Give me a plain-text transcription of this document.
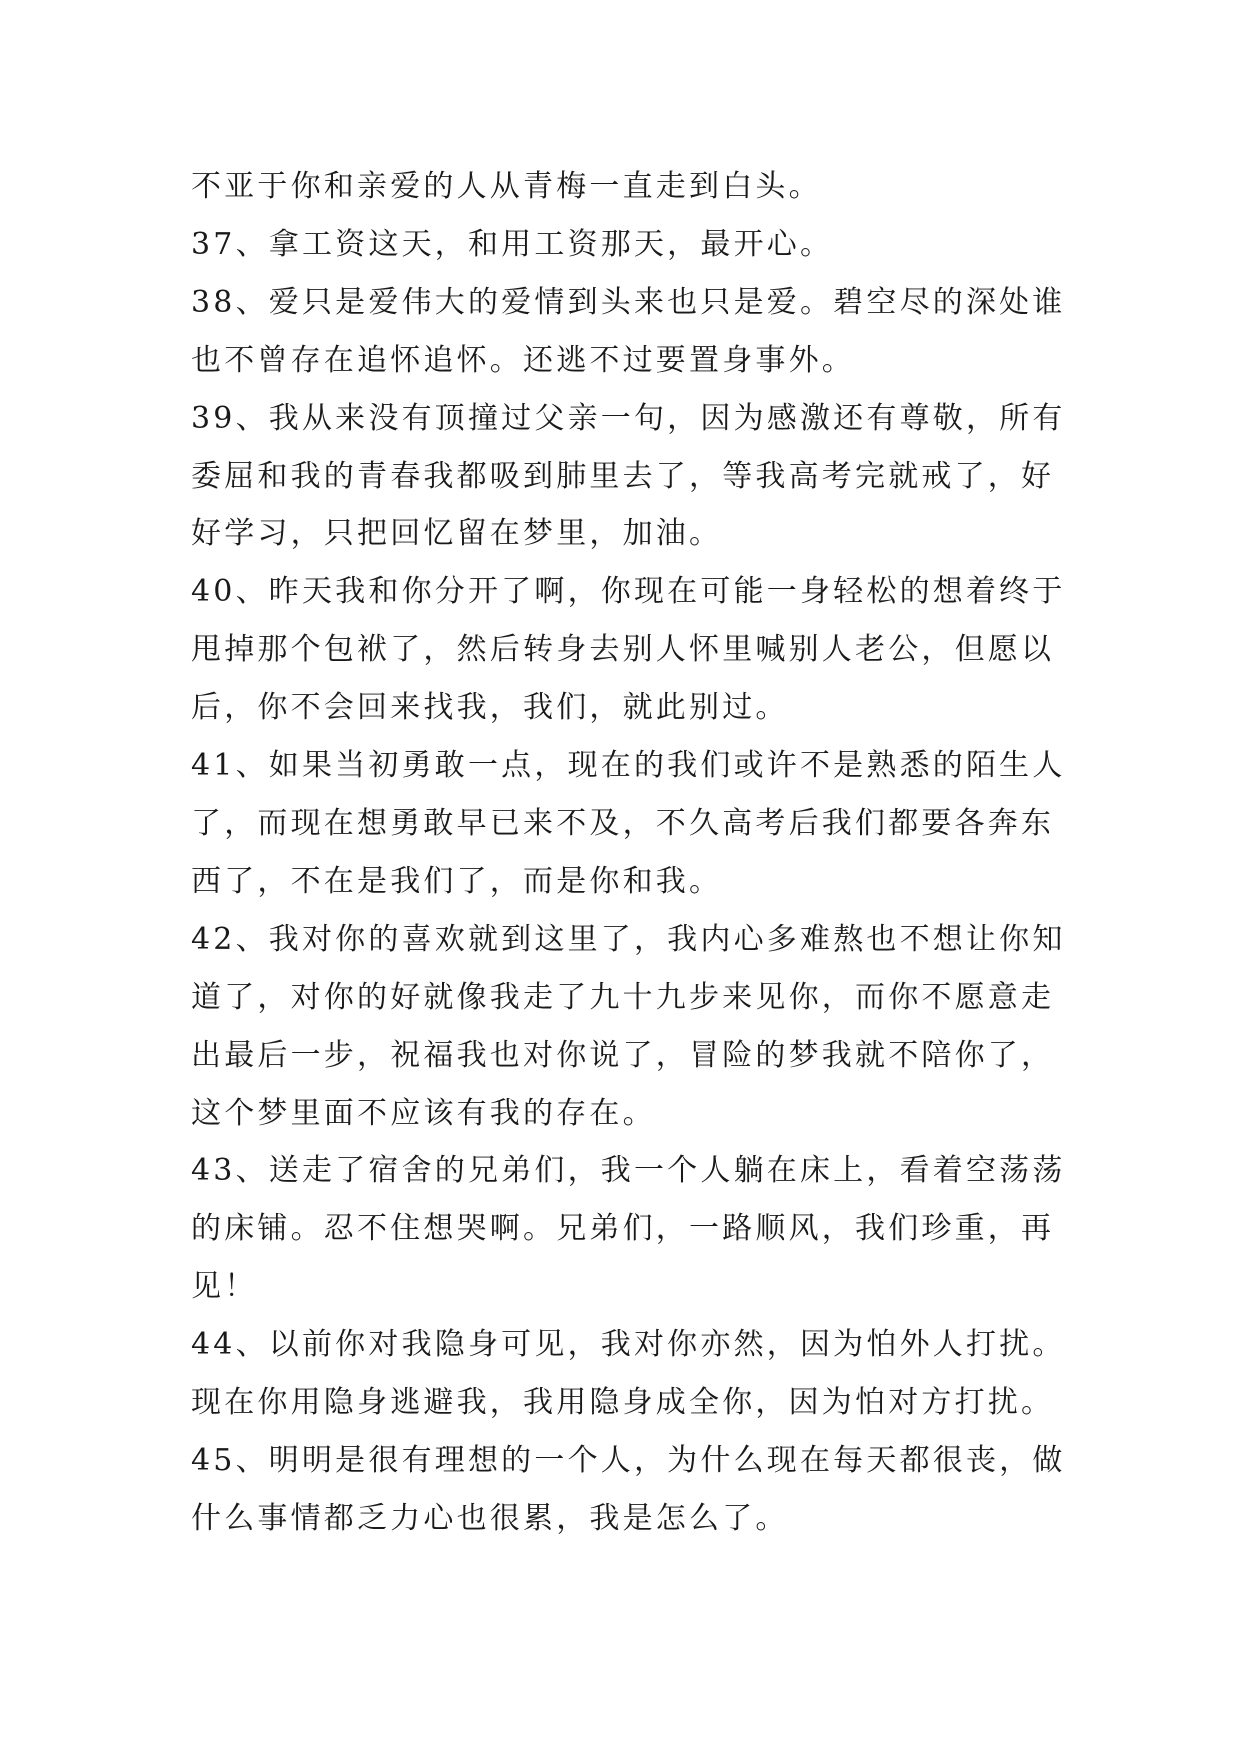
不亚于你和亲爱的人从青梅一直走到白头。

37、拿工资这天，和用工资那天，最开心。

38、爱只是爱伟大的爱情到头来也只是爱。碧空尽的深处谁也不曾存在追怀追怀。还逃不过要置身事外。

39、我从来没有顶撞过父亲一句，因为感激还有尊敬，所有委屈和我的青春我都吸到肺里去了，等我高考完就戒了，好好学习，只把回忆留在梦里，加油。

40、昨天我和你分开了啊，你现在可能一身轻松的想着终于甩掉那个包袱了，然后转身去别人怀里喊别人老公，但愿以后，你不会回来找我，我们，就此别过。

41、如果当初勇敢一点，现在的我们或许不是熟悉的陌生人了，而现在想勇敢早已来不及，不久高考后我们都要各奔东西了，不在是我们了，而是你和我。

42、我对你的喜欢就到这里了，我内心多难熬也不想让你知道了，对你的好就像我走了九十九步来见你，而你不愿意走出最后一步，祝福我也对你说了，冒险的梦我就不陪你了，这个梦里面不应该有我的存在。

43、送走了宿舍的兄弟们，我一个人躺在床上，看着空荡荡的床铺。忍不住想哭啊。兄弟们，一路顺风，我们珍重，再见！

44、以前你对我隐身可见，我对你亦然，因为怕外人打扰。现在你用隐身逃避我，我用隐身成全你，因为怕对方打扰。

45、明明是很有理想的一个人，为什么现在每天都很丧，做什么事情都乏力心也很累，我是怎么了。
